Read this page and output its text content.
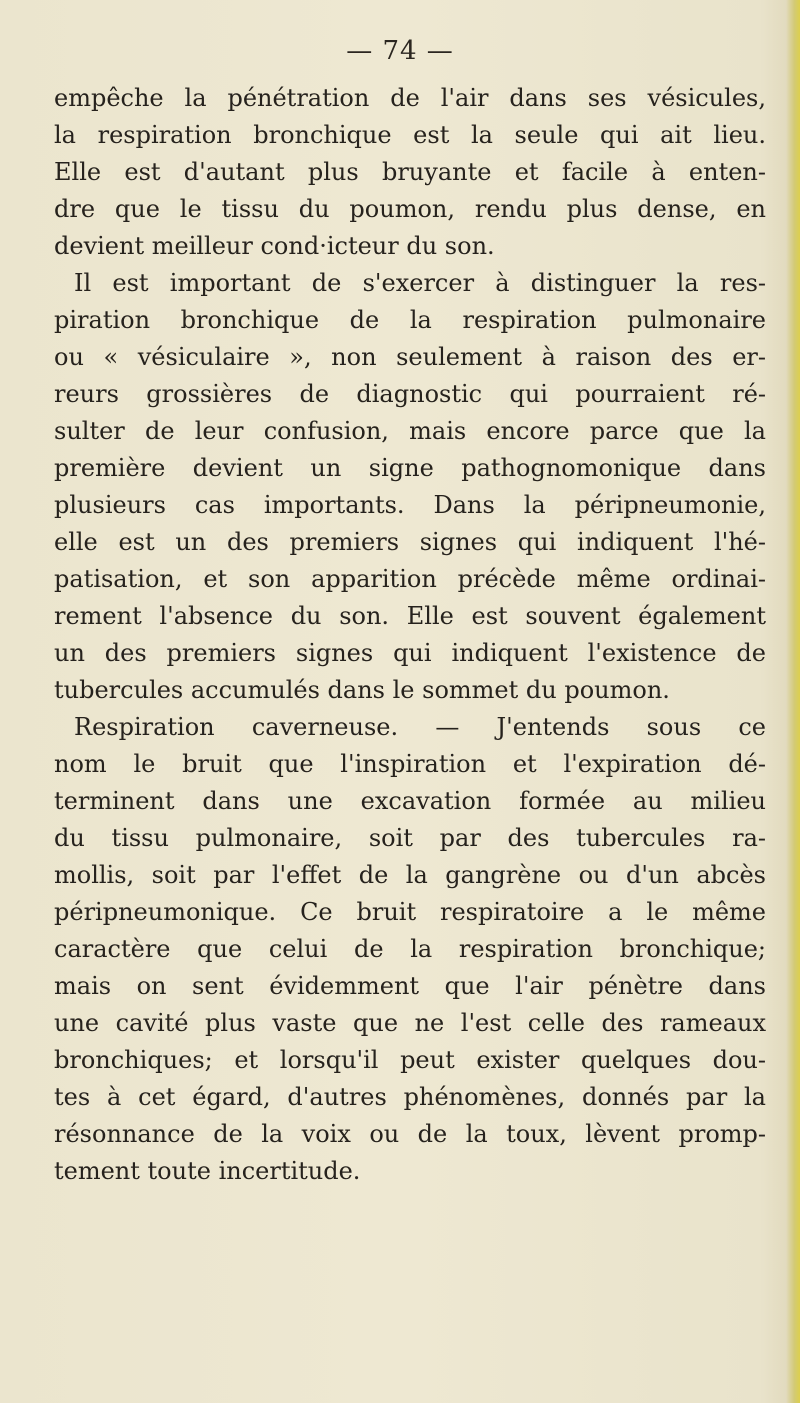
— 74 —
empêche la pénétration de l'air dans ses vésicules,
la respiration bronchique est la seule qui ait lieu.
Elle est d'autant plus bruyante et facile à enten-
dre que le tissu du poumon, rendu plus dense, en
devient meilleur cond·icteur du son.
Il est important de s'exercer à distinguer la res-
piration bronchique de la respiration pulmonaire
ou « vésiculaire », non seulement à raison des er-
reurs grossières de diagnostic qui pourraient ré-
sulter de leur confusion, mais encore parce que la
première devient un signe pathognomonique dans
plusieurs cas importants. Dans la péripneumonie,
elle est un des premiers signes qui indiquent l'hé-
patisation, et son apparition précède même ordinai-
rement l'absence du son. Elle est souvent également
un des premiers signes qui indiquent l'existence de
tubercules accumulés dans le sommet du poumon.
Respiration caverneuse. — J'entends sous ce
nom le bruit que l'inspiration et l'expiration dé-
terminent dans une excavation formée au milieu
du tissu pulmonaire, soit par des tubercules ra-
mollis, soit par l'effet de la gangrène ou d'un abcès
péripneumonique. Ce bruit respiratoire a le même
caractère que celui de la respiration bronchique;
mais on sent évidemment que l'air pénètre dans
une cavité plus vaste que ne l'est celle des rameaux
bronchiques; et lorsqu'il peut exister quelques dou-
tes à cet égard, d'autres phénomènes, donnés par la
résonnance de la voix ou de la toux, lèvent promp-
tement toute incertitude.
